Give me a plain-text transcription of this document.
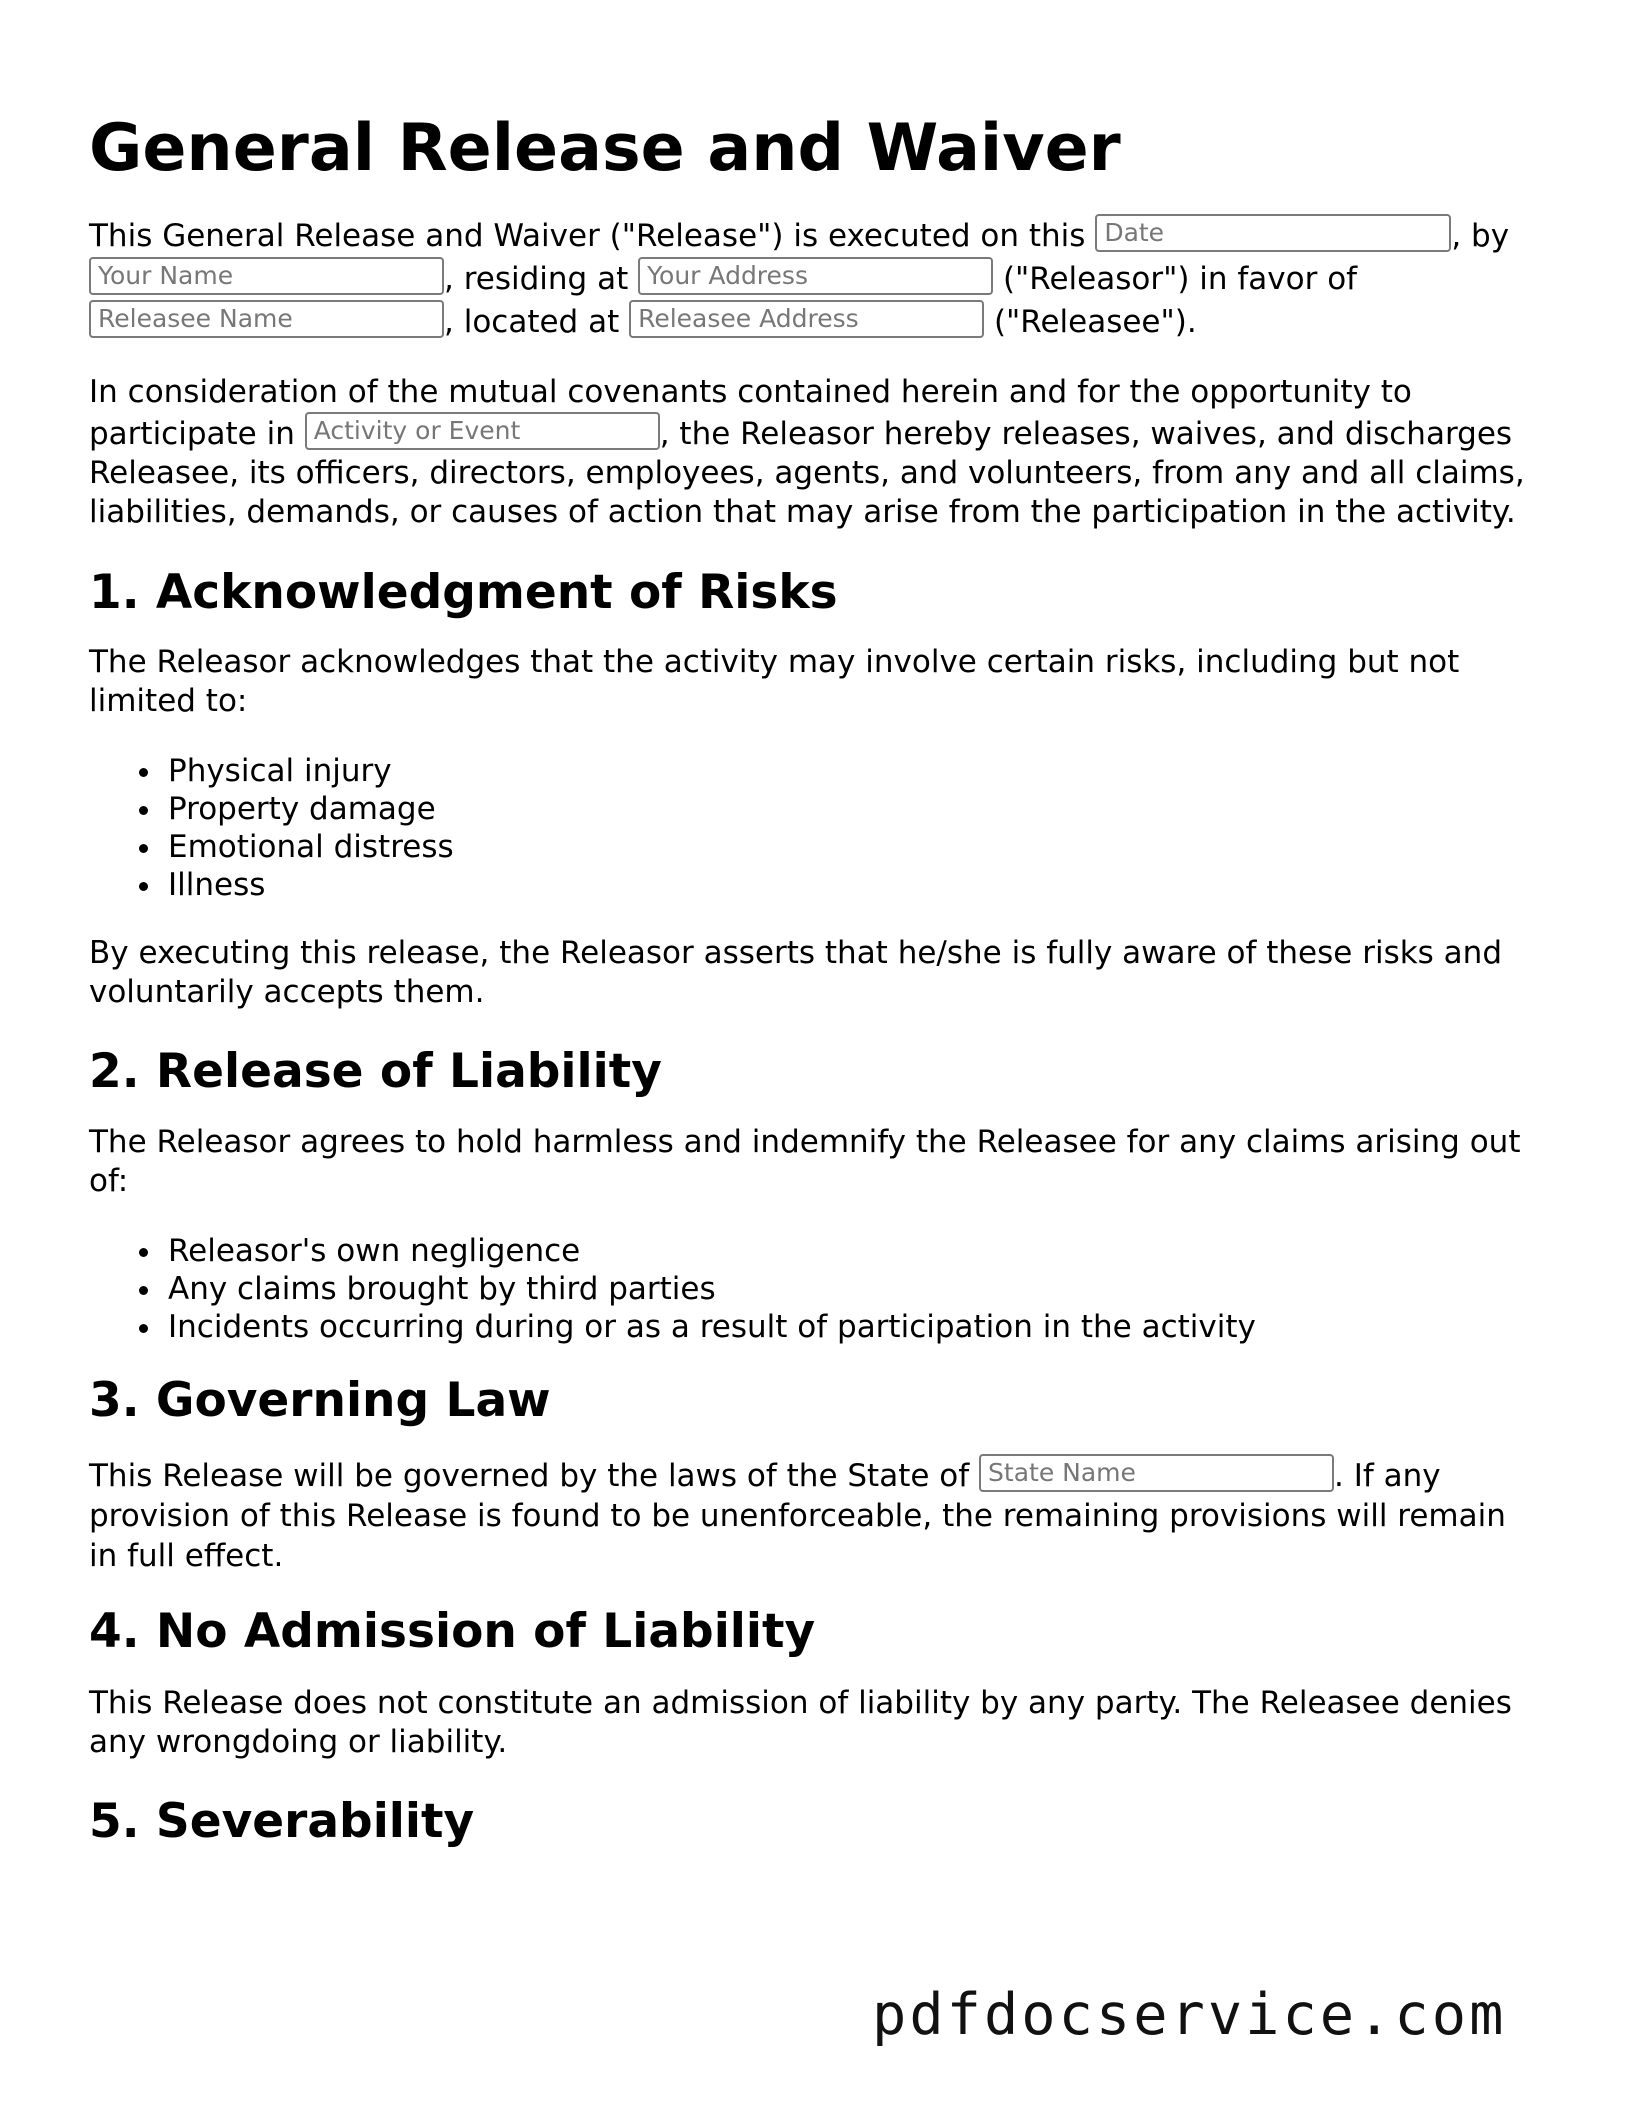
General Release and Waiver

This General Release and Waiver ("Release") is executed on this Date	, by
Your Name	, residing at Your Address	("Releasor") in favor of
Releasee Name	, located at Releasee Address	("Releasee").

In consideration of the mutual covenants contained herein and for the opportunity to participate in Activity or Event	, the Releasor hereby releases, waives, and discharges Releasee, its officers, directors, employees, agents, and volunteers, from any and all claims, liabilities, demands, or causes of action that may arise from the participation in the activity.

1. Acknowledgment of Risks

The Releasor acknowledges that the activity may involve certain risks, including but not limited to:

Physical injury
Property damage
Emotional distress
Illness

By executing this release, the Releasor asserts that he/she is fully aware of these risks and voluntarily accepts them.

2. Release of Liability

The Releasor agrees to hold harmless and indemnify the Releasee for any claims arising out of:

Releasor's own negligence
Any claims brought by third parties
Incidents occurring during or as a result of participation in the activity
3. Governing Law

This Release will be governed by the laws of the State of State Name	. If any provision of this Release is found to be unenforceable, the remaining provisions will remain in full effect.

4. No Admission of Liability

This Release does not constitute an admission of liability by any party. The Releasee denies any wrongdoing or liability.

5. Severability
pdfdocservice.com
